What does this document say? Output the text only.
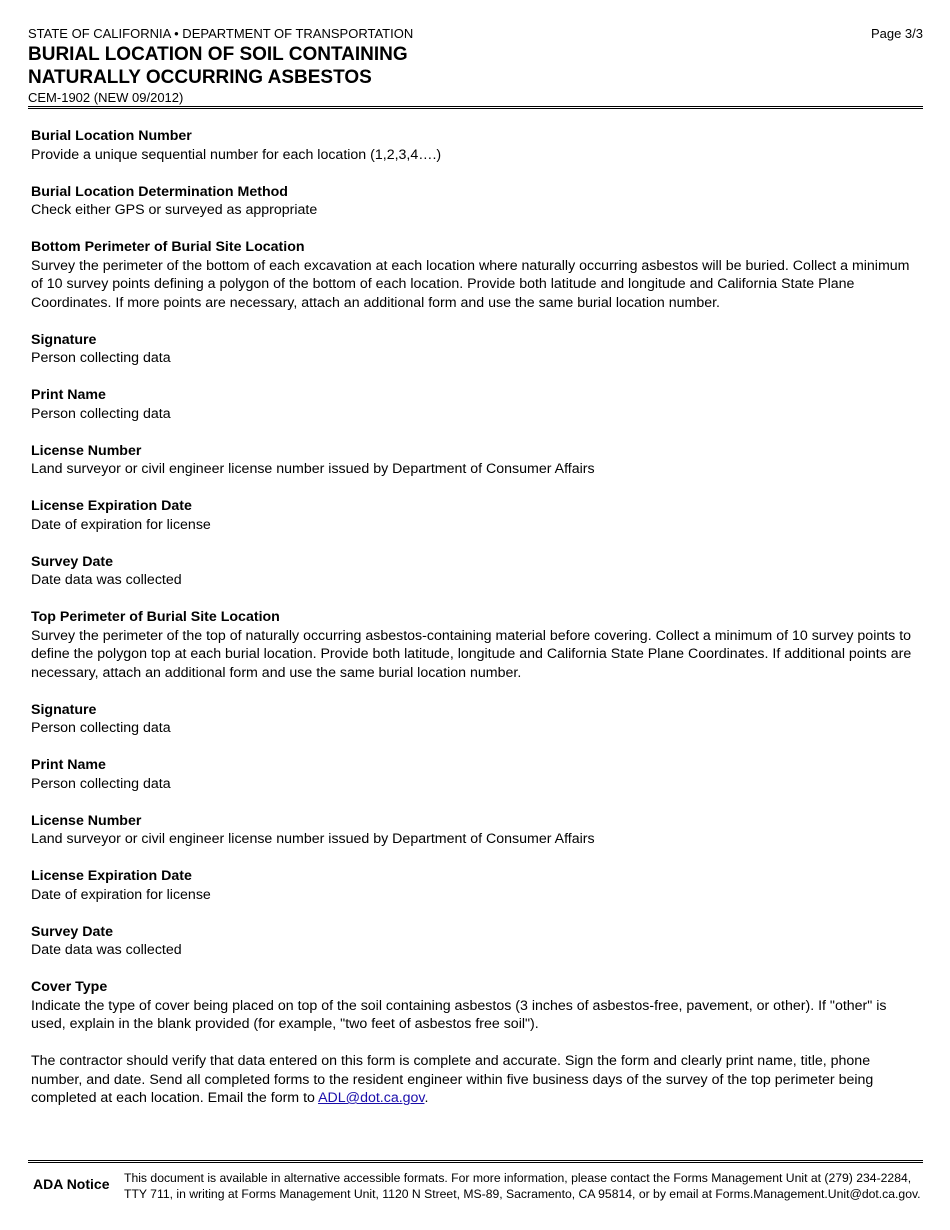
STATE OF CALIFORNIA • DEPARTMENT OF TRANSPORTATION	Page 3/3
BURIAL LOCATION OF SOIL CONTAINING
NATURALLY OCCURRING ASBESTOS
CEM-1902 (NEW 09/2012)
Burial Location Number
Provide a unique sequential number for each location (1,2,3,4….)
Burial Location Determination Method
Check either GPS or surveyed as appropriate
Bottom Perimeter of Burial Site Location
Survey the perimeter of the bottom of each excavation at each location where naturally occurring asbestos will be buried. Collect a minimum of 10 survey points defining a polygon of the bottom of each location. Provide both latitude and longitude and California State Plane Coordinates. If more points are necessary, attach an additional form and use the same burial location number.
Signature
Person collecting data
Print Name
Person collecting data
License Number
Land surveyor or civil engineer license number issued by Department of Consumer Affairs
License Expiration Date
Date of expiration for license
Survey Date
Date data was collected
Top Perimeter of Burial Site Location
Survey the perimeter of the top of naturally occurring asbestos-containing material before covering. Collect a minimum of 10 survey points to define the polygon top at each burial location. Provide both latitude, longitude and California State Plane Coordinates. If additional points are necessary, attach an additional form and use the same burial location number.
Signature
Person collecting data
Print Name
Person collecting data
License Number
Land surveyor or civil engineer license number issued by Department of Consumer Affairs
License Expiration Date
Date of expiration for license
Survey Date
Date data was collected
Cover Type
Indicate the type of cover being placed on top of the soil containing asbestos (3 inches of asbestos-free, pavement, or other). If "other" is used, explain in the blank provided (for example, "two feet of asbestos free soil").
The contractor should verify that data entered on this form is complete and accurate. Sign the form and clearly print name, title, phone number, and date. Send all completed forms to the resident engineer within five business days of the survey of the top perimeter being completed at each location. Email the form to ADL@dot.ca.gov.
ADA Notice This document is available in alternative accessible formats. For more information, please contact the Forms Management Unit at (279) 234-2284, TTY 711, in writing at Forms Management Unit, 1120 N Street, MS-89, Sacramento, CA 95814, or by email at Forms.Management.Unit@dot.ca.gov.
